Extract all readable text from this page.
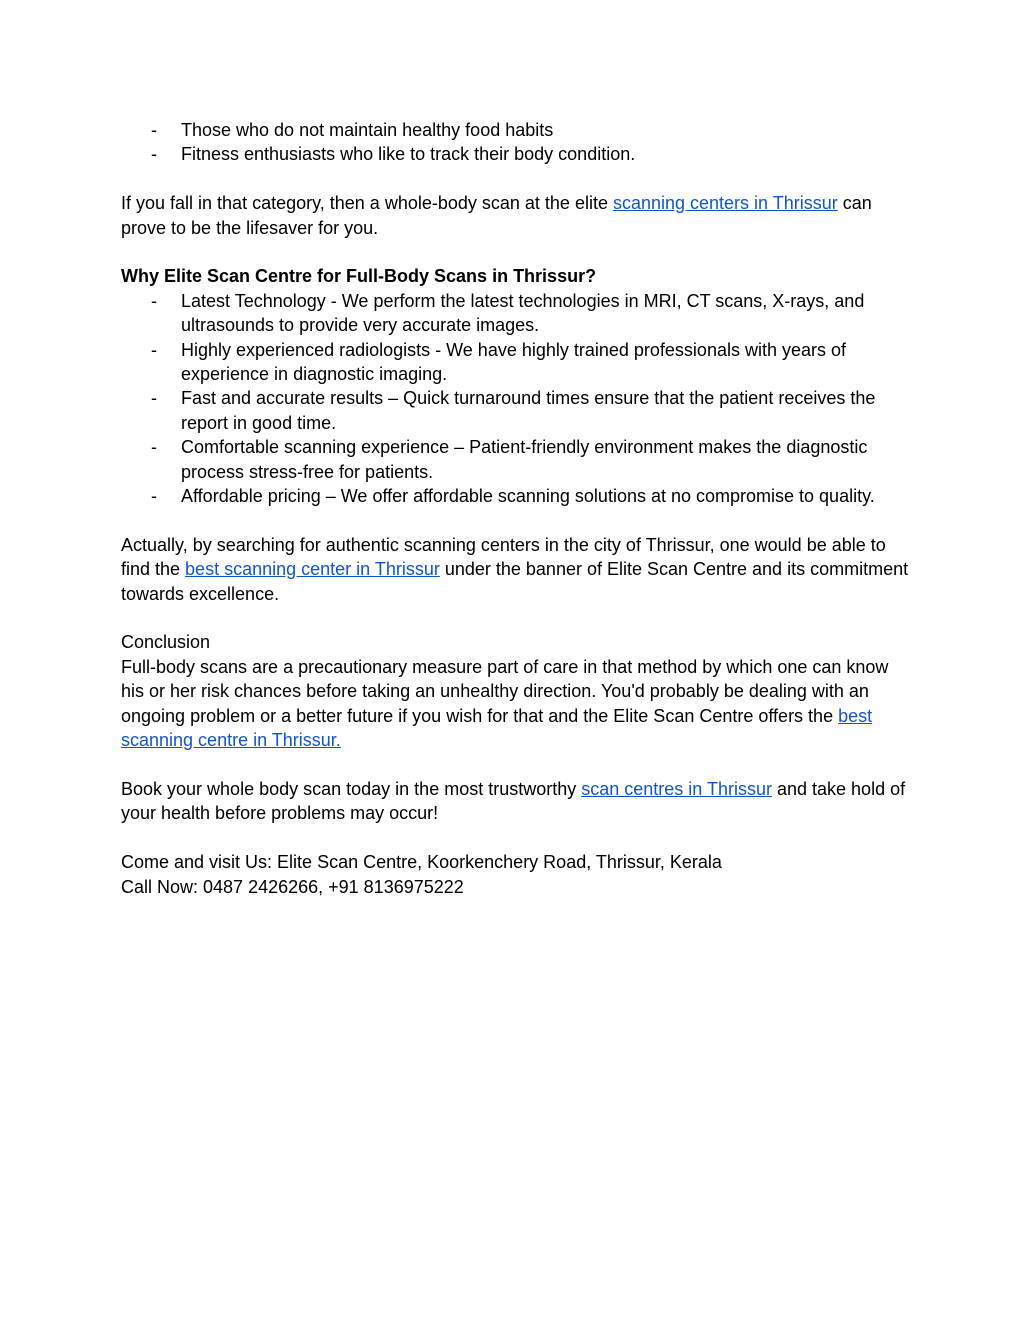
- Those who do not maintain healthy food habits
- Fitness enthusiasts who like to track their body condition.

If you fall in that category, then a whole-body scan at the elite scanning centers in Thrissur can prove to be the lifesaver for you.

Why Elite Scan Centre for Full-Body Scans in Thrissur?

- Latest Technology - We perform the latest technologies in MRI, CT scans, X-rays, and ultrasounds to provide very accurate images.
- Highly experienced radiologists - We have highly trained professionals with years of experience in diagnostic imaging.
- Fast and accurate results – Quick turnaround times ensure that the patient receives the report in good time.
- Comfortable scanning experience – Patient-friendly environment makes the diagnostic process stress-free for patients.
- Affordable pricing – We offer affordable scanning solutions at no compromise to quality.

Actually, by searching for authentic scanning centers in the city of Thrissur, one would be able to find the best scanning center in Thrissur under the banner of Elite Scan Centre and its commitment towards excellence.

Conclusion

Full-body scans are a precautionary measure part of care in that method by which one can know his or her risk chances before taking an unhealthy direction. You'd probably be dealing with an ongoing problem or a better future if you wish for that and the Elite Scan Centre offers the best scanning centre in Thrissur.

Book your whole body scan today in the most trustworthy scan centres in Thrissur and take hold of your health before problems may occur!

Come and visit Us: Elite Scan Centre, Koorkenchery Road, Thrissur, Kerala

Call Now: 0487 2426266, +91 8136975222
